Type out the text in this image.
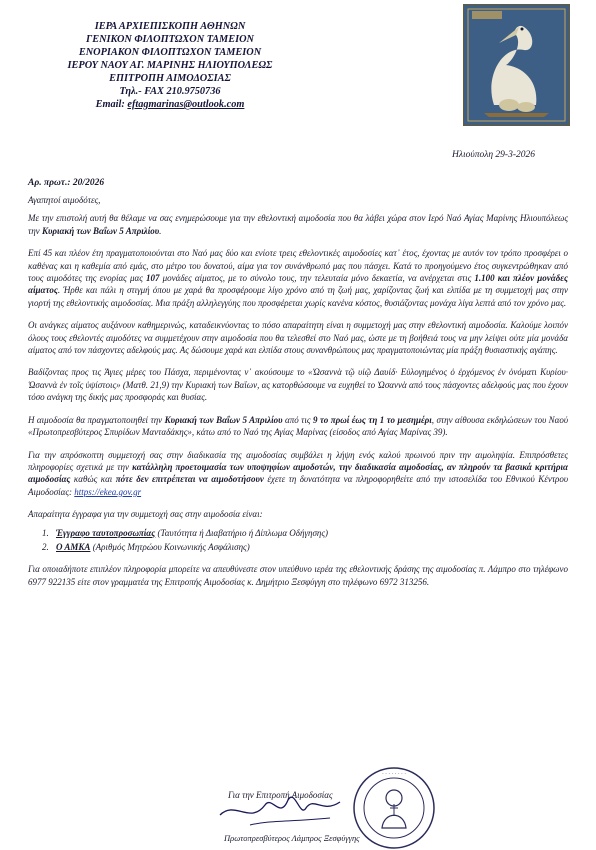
ΙΕΡΑ ΑΡΧΙΕΠΙΣΚΟΠΗ ΑΘΗΝΩΝ
ΓΕΝΙΚΟΝ ΦΙΛΟΠΤΩΧΟΝ ΤΑΜΕΙΟΝ
ΕΝΟΡΙΑΚΟΝ ΦΙΛΟΠΤΩΧΟΝ ΤΑΜΕΙΟΝ
ΙΕΡΟΥ ΝΑΟΥ ΑΓ. ΜΑΡΙΝΗΣ ΗΛΙΟΥΠΟΛΕΩΣ
ΕΠΙΤΡΟΠΗ ΑΙΜΟΔΟΣΙΑΣ
Τηλ.- FAX 210.9750736
Email: eftagmarinas@outlook.com
Ηλιούπολη 29-3-2026
Αρ. πρωτ.: 20/2026

Αγαπητοί αιμοδότες,

Με την επιστολή αυτή θα θέλαμε να σας ενημερώσουμε για την εθελοντική αιμοδοσία που θα λάβει χώρα στον Ιερό Ναό Αγίας Μαρίνης Ηλιουπόλεως την Κυριακή των Βαΐων 5 Απριλίου.

Επί 45 και πλέον έτη πραγματοποιούνται στο Ναό μας δύο και ενίοτε τρεις εθελοντικές αιμοδοσίες κατ᾽ έτος, έχοντας με αυτόν τον τρόπο προσφέρει ο καθένας και η καθεμία από εμάς, στο μέτρο του δυνατού, αίμα για τον συνάνθρωπό μας που πάσχει. Κατά το προηγούμενο έτος συγκεντρώθηκαν από τους αιμοδότες της ενορίας μας 107 μονάδες αίματος, με το σύνολο τους, την τελευταία μόνο δεκαετία, να ανέρχεται στις 1.100 και πλέον μονάδες αίματος. Ήρθε και πάλι η στιγμή όπου με χαρά θα προσφέρουμε λίγο χρόνο από τη ζωή μας, χαρίζοντας ζωή και ελπίδα με τη συμμετοχή μας στην γιορτή της εθελοντικής αιμοδοσίας. Μια πράξη αλληλεγγύης που προσφέρεται χωρίς κανένα κόστος, θυσιάζοντας μονάχα λίγα λεπτά από τον χρόνο μας.

Οι ανάγκες αίματος αυξάνουν καθημερινώς, καταδεικνύοντας το πόσο απαραίτητη είναι η συμμετοχή μας στην εθελοντική αιμοδοσία. Καλούμε λοιπόν όλους τους εθελοντές αιμοδότες να συμμετέχουν στην αιμοδοσία που θα τελεσθεί στο Ναό μας, ώστε με τη βοήθειά τους να μην λείψει ούτε μία μονάδα αίματος από τον πάσχοντες αδελφούς μας. Ας δώσουμε χαρά και ελπίδα στους συνανθρώπους μας πραγματοποιώντας μία πράξη θυσιαστικής αγάπης.

Βαδίζοντας προς τις Άγιες μέρες του Πάσχα, περιμένοντας ν᾽ ακούσουμε το «Ὡσαννὰ τῷ υἱῷ Δαυίδ· Εὐλογημένος ὁ ἐρχόμενος ἐν ὀνόματι Κυρίου· Ὡσαννὰ ἐν τοῖς ὑψίστοις» (Ματθ. 21,9) την Κυριακή των Βαΐων, ας κατορθώσουμε να ευχηθεί το Ὡσαννὰ από τους πάσχοντες αδελφούς μας που έχουν τόσο ανάγκη της δικής μας προσφοράς και θυσίας.

Η αιμοδοσία θα πραγματοποιηθεί την Κυριακή των Βαΐων 5 Απριλίου από τις 9 το πρωί έως τη 1 το μεσημέρι, στην αίθουσα εκδηλώσεων του Ναού «Πρωτοπρεσβύτερος Σπυρίδων Μανταδάκης», κάτω από το Ναό της Αγίας Μαρίνας (είσοδος από Αγίας Μαρίνας 39).

Για την απρόσκοπτη συμμετοχή σας στην διαδικασία της αιμοδοσίας συμβάλει η λήψη ενός καλού πρωινού πριν την αιμοληψία. Επιπρόσθετες πληροφορίες σχετικά με την κατάλληλη προετοιμασία των υποψηφίων αιμοδοτών, την διαδικασία αιμοδοσίας, αν πληρούν τα βασικά κριτήρια αιμοδοσίας καθώς και πότε δεν επιτρέπεται να αιμοδοτήσουν έχετε τη δυνατότητα να πληροφορηθείτε από την ιστοσελίδα του Εθνικού Κέντρου Αιμοδοσίας: https://ekea.gov.gr

Απαραίτητα έγγραφα για την συμμετοχή σας στην αιμοδοσία είναι:

1. Έγγραφο ταυτοπροσωπίας (Ταυτότητα ή Διαβατήριο ή Δίπλωμα Οδήγησης)
2. Ο ΑΜΚΑ (Αριθμός Μητρώου Κοινωνικής Ασφάλισης)

Για οποιαδήποτε επιπλέον πληροφορία μπορείτε να απευθύνεστε στον υπεύθυνο ιερέα της εθελοντικής δράσης της αιμοδοσίας π. Λάμπρο στο τηλέφωνο 6977 922135 είτε στον γραμματέα της Επιτροπής Αιμοδοσίας κ. Δημήτριο Ξεσφύγγη στο τηλέφωνο 6972 313256.

Για την Επιτροπή Αιμοδοσίας
· · · · · · · ·
Πρωτοπρεσβύτερος Λάμπρος Ξεσφύγγης
